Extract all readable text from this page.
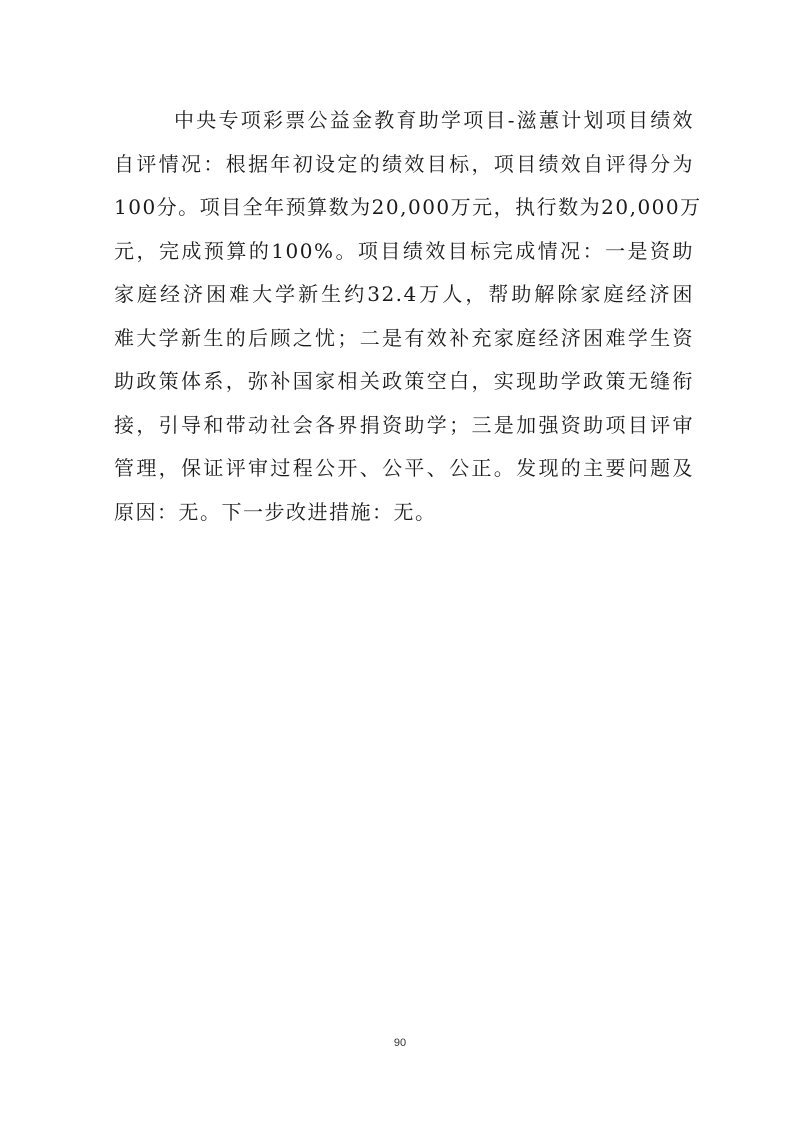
中央专项彩票公益金教育助学项目-滋蕙计划项目绩效
自评情况：根据年初设定的绩效目标，项目绩效自评得分为
100分。项目全年预算数为20,000万元，执行数为20,000万
元，完成预算的100%。项目绩效目标完成情况：一是资助
家庭经济困难大学新生约32.4万人，帮助解除家庭经济困
难大学新生的后顾之忧；二是有效补充家庭经济困难学生资
助政策体系，弥补国家相关政策空白，实现助学政策无缝衔
接，引导和带动社会各界捐资助学；三是加强资助项目评审
管理，保证评审过程公开、公平、公正。发现的主要问题及
原因：无。下一步改进措施：无。
90
